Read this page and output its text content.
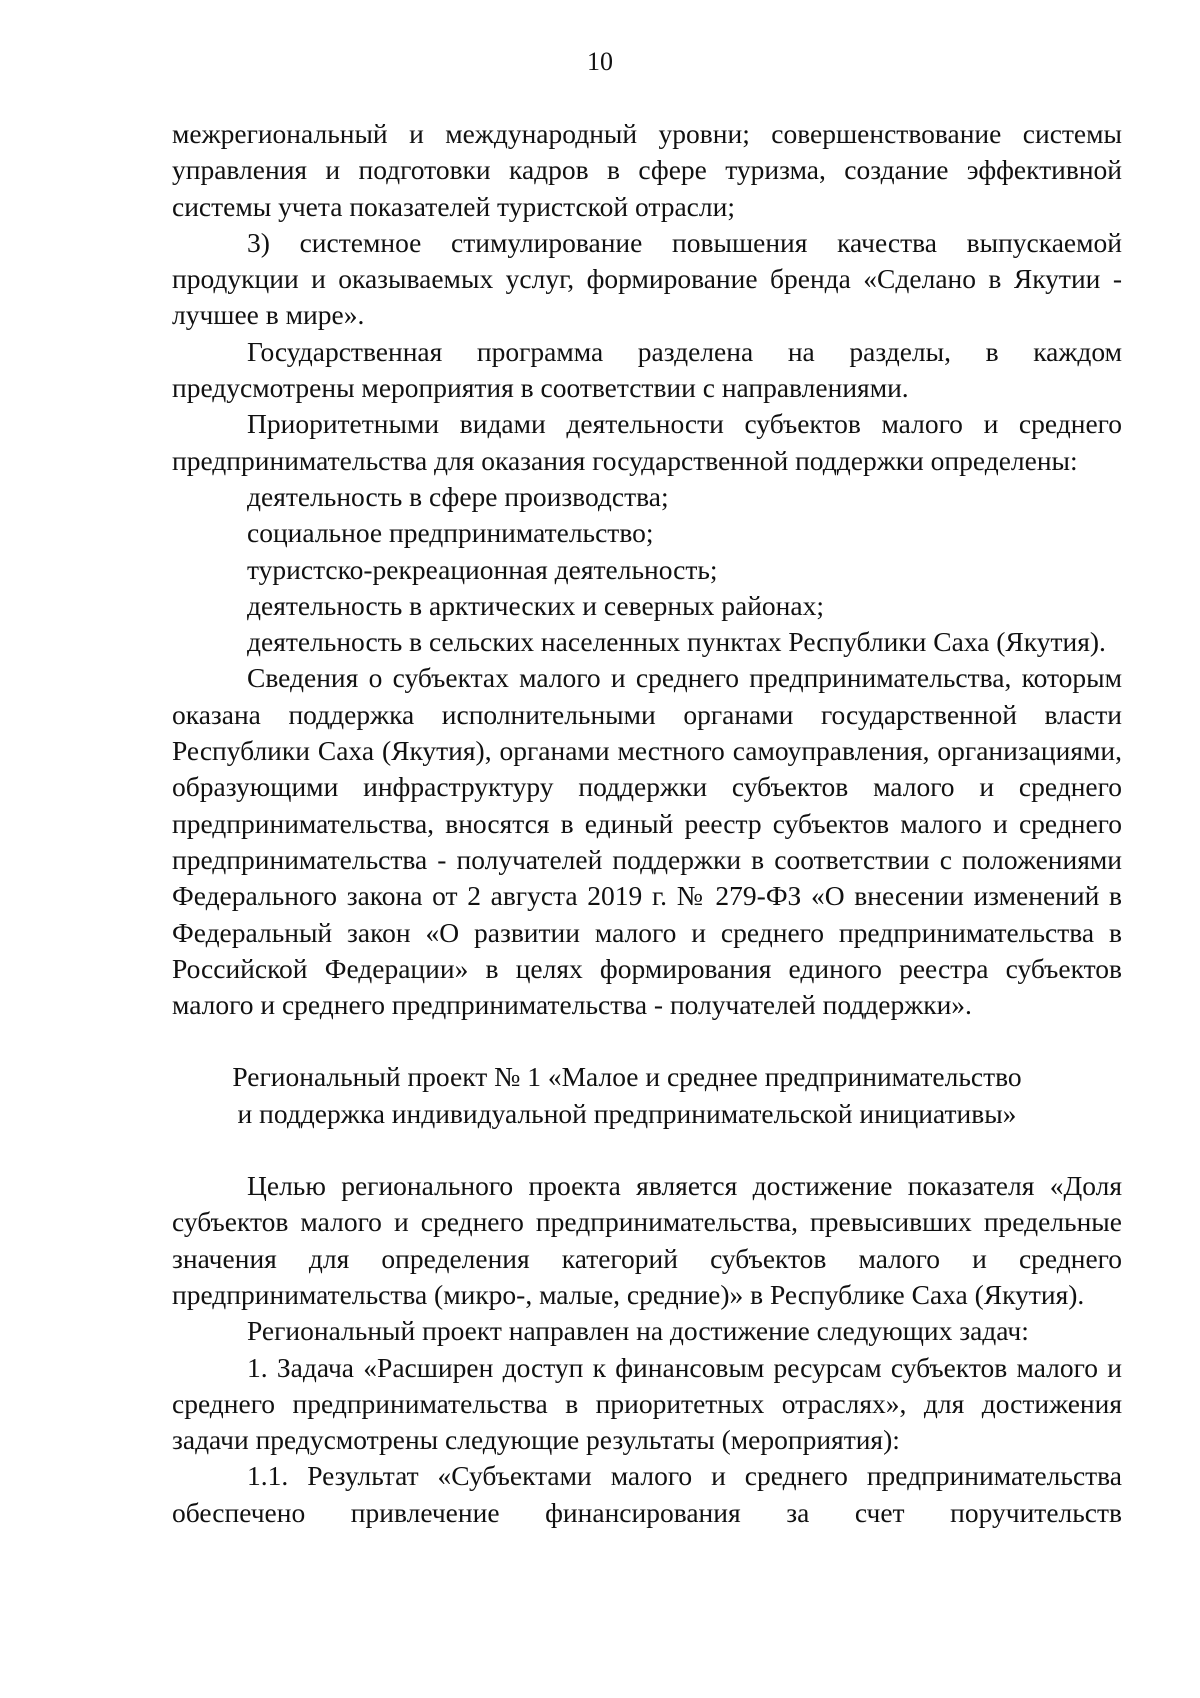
10

межрегиональный и международный уровни; совершенствование системы управления и подготовки кадров в сфере туризма, создание эффективной системы учета показателей туристской отрасли;

3) системное стимулирование повышения качества выпускаемой продукции и оказываемых услуг, формирование бренда «Сделано в Якутии - лучшее в мире».

Государственная программа разделена на разделы, в каждом предусмотрены мероприятия в соответствии с направлениями.

Приоритетными видами деятельности субъектов малого и среднего предпринимательства для оказания государственной поддержки определены:

деятельность в сфере производства;

социальное предпринимательство;

туристско-рекреационная деятельность;

деятельность в арктических и северных районах;

деятельность в сельских населенных пунктах Республики Саха (Якутия).

Сведения о субъектах малого и среднего предпринимательства, которым оказана поддержка исполнительными органами государственной власти Республики Саха (Якутия), органами местного самоуправления, организациями, образующими инфраструктуру поддержки субъектов малого и среднего предпринимательства, вносятся в единый реестр субъектов малого и среднего предпринимательства - получателей поддержки в соответствии с положениями Федерального закона от 2 августа 2019 г. № 279-ФЗ «О внесении изменений в Федеральный закон «О развитии малого и среднего предпринимательства в Российской Федерации» в целях формирования единого реестра субъектов малого и среднего предпринимательства - получателей поддержки».

Региональный проект № 1 «Малое и среднее предпринимательство

и поддержка индивидуальной предпринимательской инициативы»

Целью регионального проекта является достижение показателя «Доля субъектов малого и среднего предпринимательства, превысивших предельные значения для определения категорий субъектов малого и среднего предпринимательства (микро-, малые, средние)» в Республике Саха (Якутия).

Региональный проект направлен на достижение следующих задач:

1. Задача «Расширен доступ к финансовым ресурсам субъектов малого и среднего предпринимательства в приоритетных отраслях», для достижения задачи предусмотрены следующие результаты (мероприятия):

1.1. Результат «Субъектами малого и среднего предпринимательства обеспечено привлечение финансирования за счет поручительств
